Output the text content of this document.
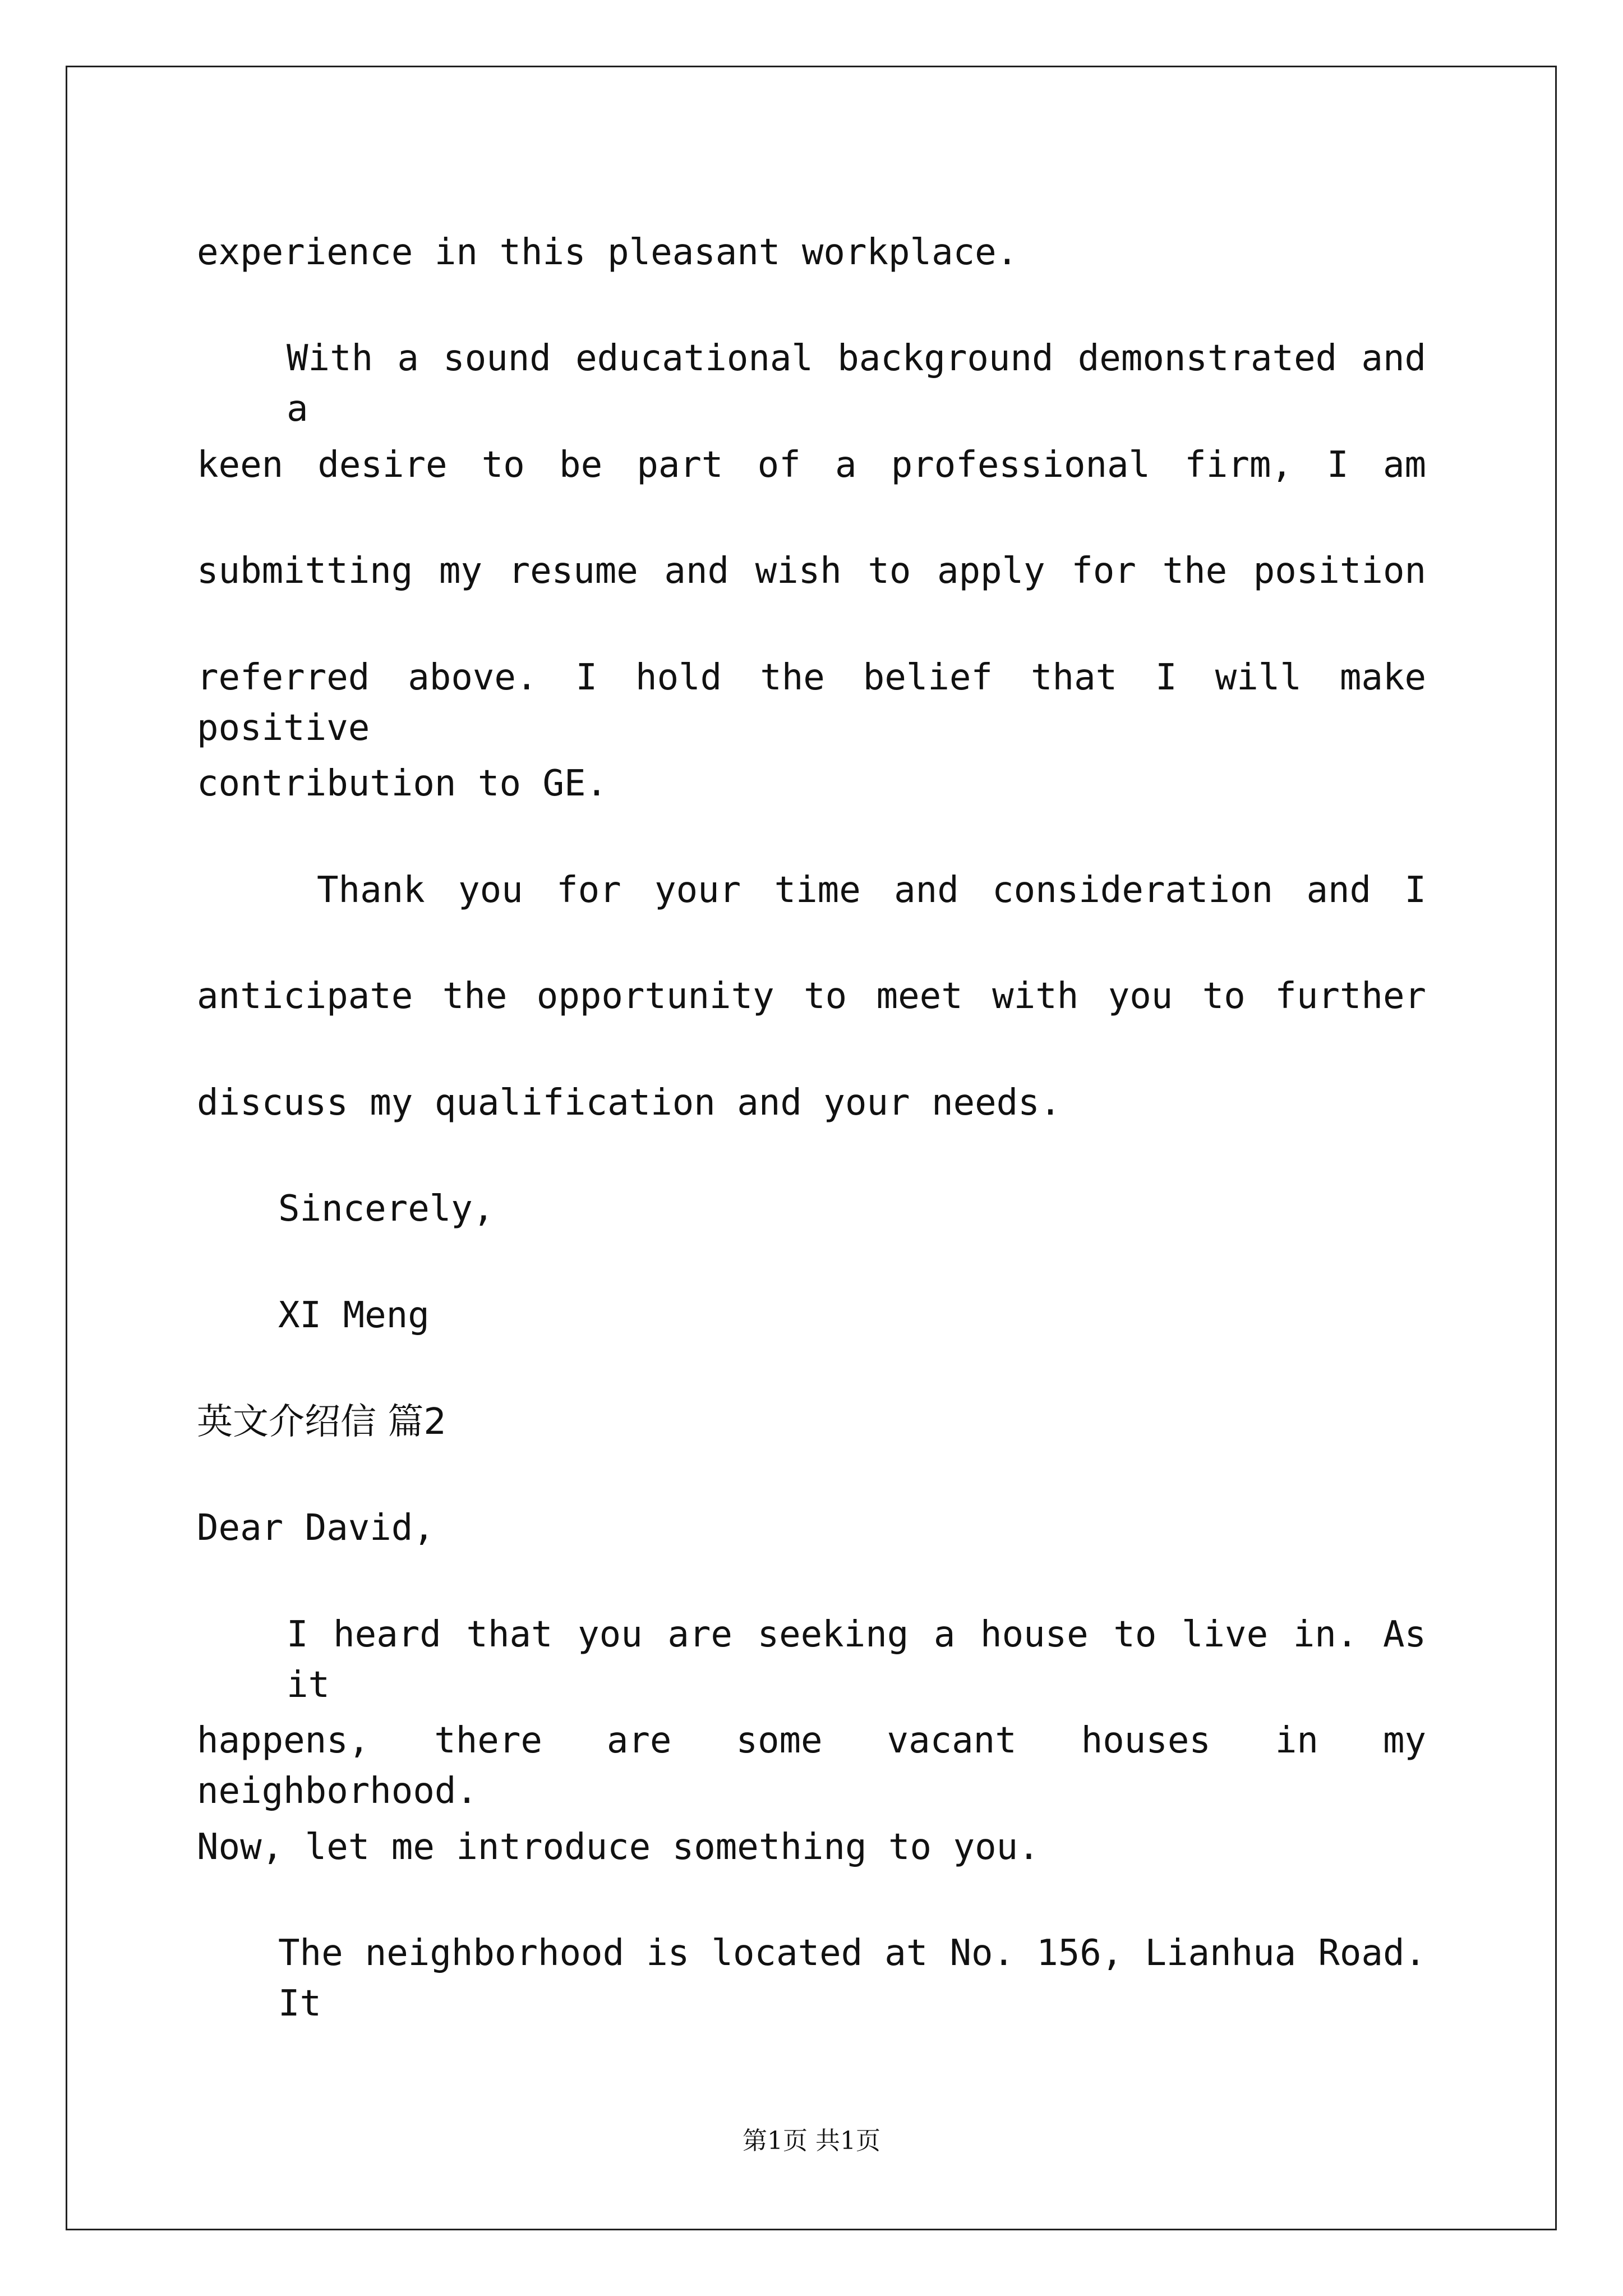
experience in this pleasant workplace.

With a sound educational background demonstrated and a

keen desire to be part of a professional firm, I am

submitting my resume and wish to apply for the position

referred above. I hold the belief that I will make positive

contribution to GE.

Thank you for your time and consideration and I

anticipate the opportunity to meet with you to further

discuss my qualification and your needs.

Sincerely,

XI Meng

英文介绍信 篇2

Dear David,

I heard that you are seeking a house to live in. As it

happens, there are some vacant houses in my neighborhood.

Now, let me introduce something to you.

The neighborhood is located at No. 156, Lianhua Road. It

第1页 共1页
